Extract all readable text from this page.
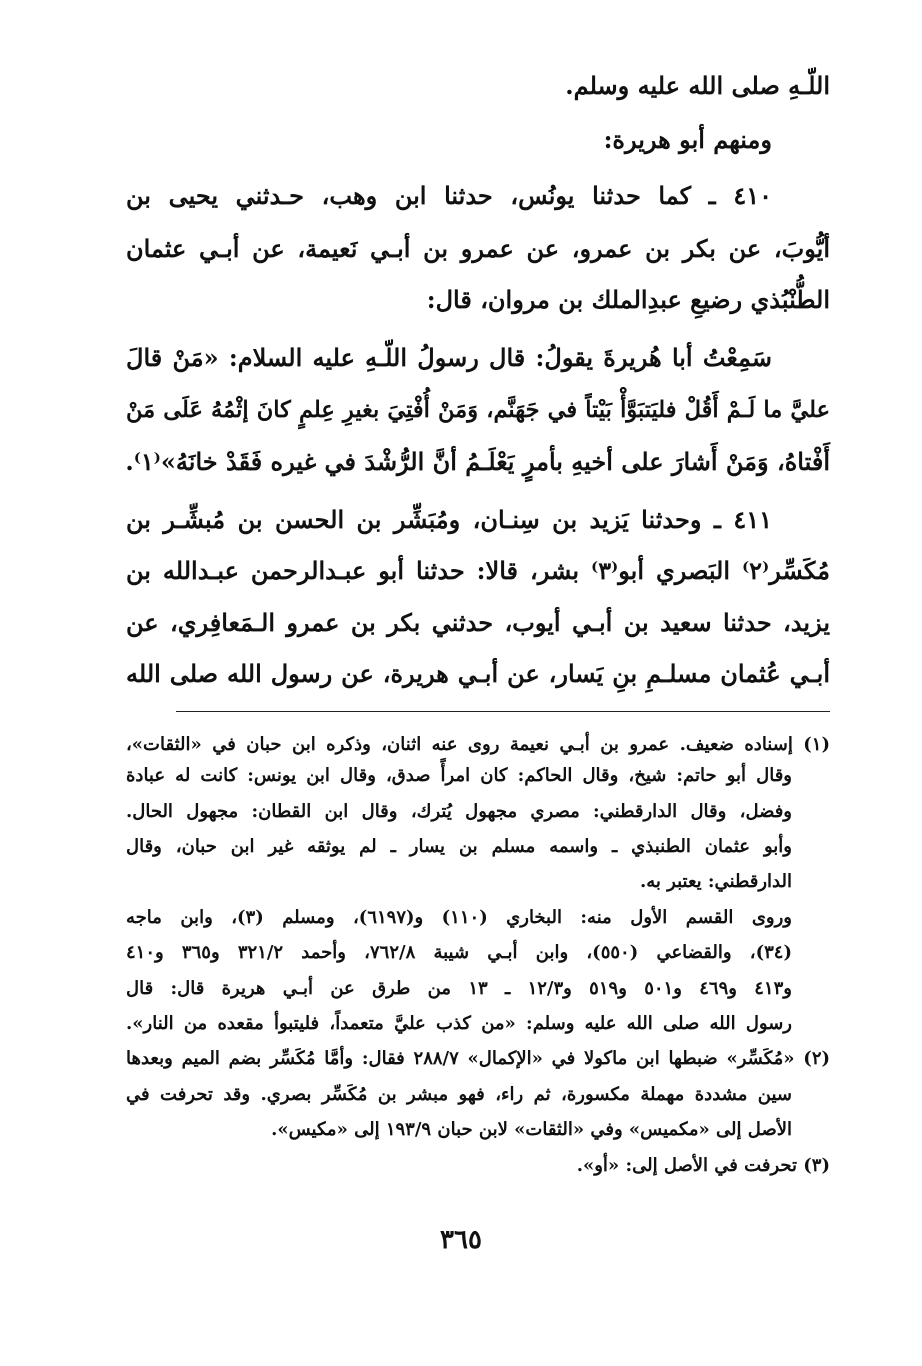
اللّـهِ صلى الله عليه وسلم.
ومنهم أبو هريرة:
٤١٠ ـ كما حدثنا يونُس، حدثنا ابن وهب، حـدثني يحيى بن
أيُّوبَ، عن بكر بن عمرو، عن عمرو بن أبـي نَعيمة، عن أبـي عثمان
الطُّنْبُذي رضيعِ عبدِالملك بن مروان، قال:
سَمِعْتُ أبا هُريرةَ يقولُ: قال رسولُ اللّـهِ عليه السلام: «مَنْ قالَ
عليَّ ما لَـمْ أَقُلْ فليَتبَوَّأْ بَيْتاً في جَهَنَّم، وَمَنْ أُفْتِيَ بغيرِ عِلمٍ كانَ إثْمُهُ عَلَى مَنْ
أَفْتاهُ، وَمَنْ أَشارَ على أخيهِ بأمرٍ يَعْلَـمُ أنَّ الرُّشْدَ في غيره فَقَدْ خانَهُ»⁽١⁾.
٤١١ ـ وحدثنا يَزيد بن سِنـان، ومُبَشِّر بن الحسن بن مُبشِّـر بن
مُكَسِّر⁽٢⁾ البَصري أبو⁽٣⁾ بشر، قالا: حدثنا أبو عبـدالرحمن عبـدالله بن
يزيد، حدثنا سعيد بن أبـي أيوب، حدثني بكر بن عمرو الـمَعافِري، عن
أبـي عُثمان مسلـمِ بنِ يَسار، عن أبـي هريرة، عن رسول الله صلى الله
(١) إسناده ضعيف. عمرو بن أبـي نعيمة روى عنه اثنان، وذكره ابن حبان في «الثقات»،
وقال أبو حاتم: شيخ، وقال الحاكم: كان امرأً صدق، وقال ابن يونس: كانت له عبادة
وفضل، وقال الدارقطني: مصري مجهول يُترك، وقال ابن القطان: مجهول الحال.
وأبو عثمان الطنبذي ـ واسمه مسلم بن يسار ـ لم يوثقه غير ابن حبان، وقال
الدارقطني: يعتبر به.
وروى القسم الأول منه: البخاري (١١٠) و(٦١٩٧)، ومسلم (٣)، وابن ماجه
(٣٤)، والقضاعي (٥٥٠)، وابن أبـي شيبة ٧٦٢/٨، وأحمد ٣٢١/٢ و٣٦٥ و٤١٠
و٤١٣ و٤٦٩ و٥٠١ و٥١٩ و١٢/٣ ـ ١٣ من طرق عن أبـي هريرة قال: قال
رسول الله صلى الله عليه وسلم: «من كذب عليَّ متعمداً، فليتبوأ مقعده من النار».
(٢) «مُكَسِّر» ضبطها ابن ماكولا في «الإكمال» ٢٨٨/٧ فقال: وأمَّا مُكَسِّر بضم الميم وبعدها
سين مشددة مهملة مكسورة، ثم راء، فهو مبشر بن مُكَسِّر بصري. وقد تحرفت في
الأصل إلى «مكميس» وفي «الثقات» لابن حبان ١٩٣/٩ إلى «مكيس».
(٣) تحرفت في الأصل إلى: «أو».
٣٦٥
